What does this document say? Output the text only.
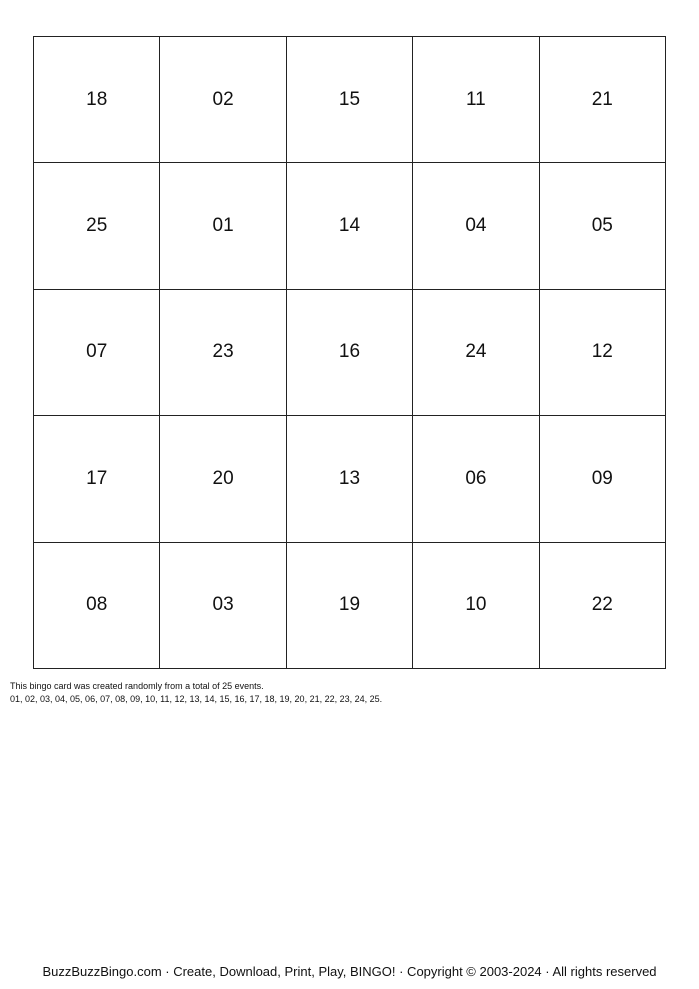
18	02	15	11	21
25	01	14	04	05
07	23	16	24	12
17	20	13	06	09
08	03	19	10	22
This bingo card was created randomly from a total of 25 events.
01, 02, 03, 04, 05, 06, 07, 08, 09, 10, 11, 12, 13, 14, 15, 16, 17, 18, 19, 20, 21, 22, 23, 24, 25.
BuzzBuzzBingo.com · Create, Download, Print, Play, BINGO! · Copyright © 2003-2024 · All rights reserved
